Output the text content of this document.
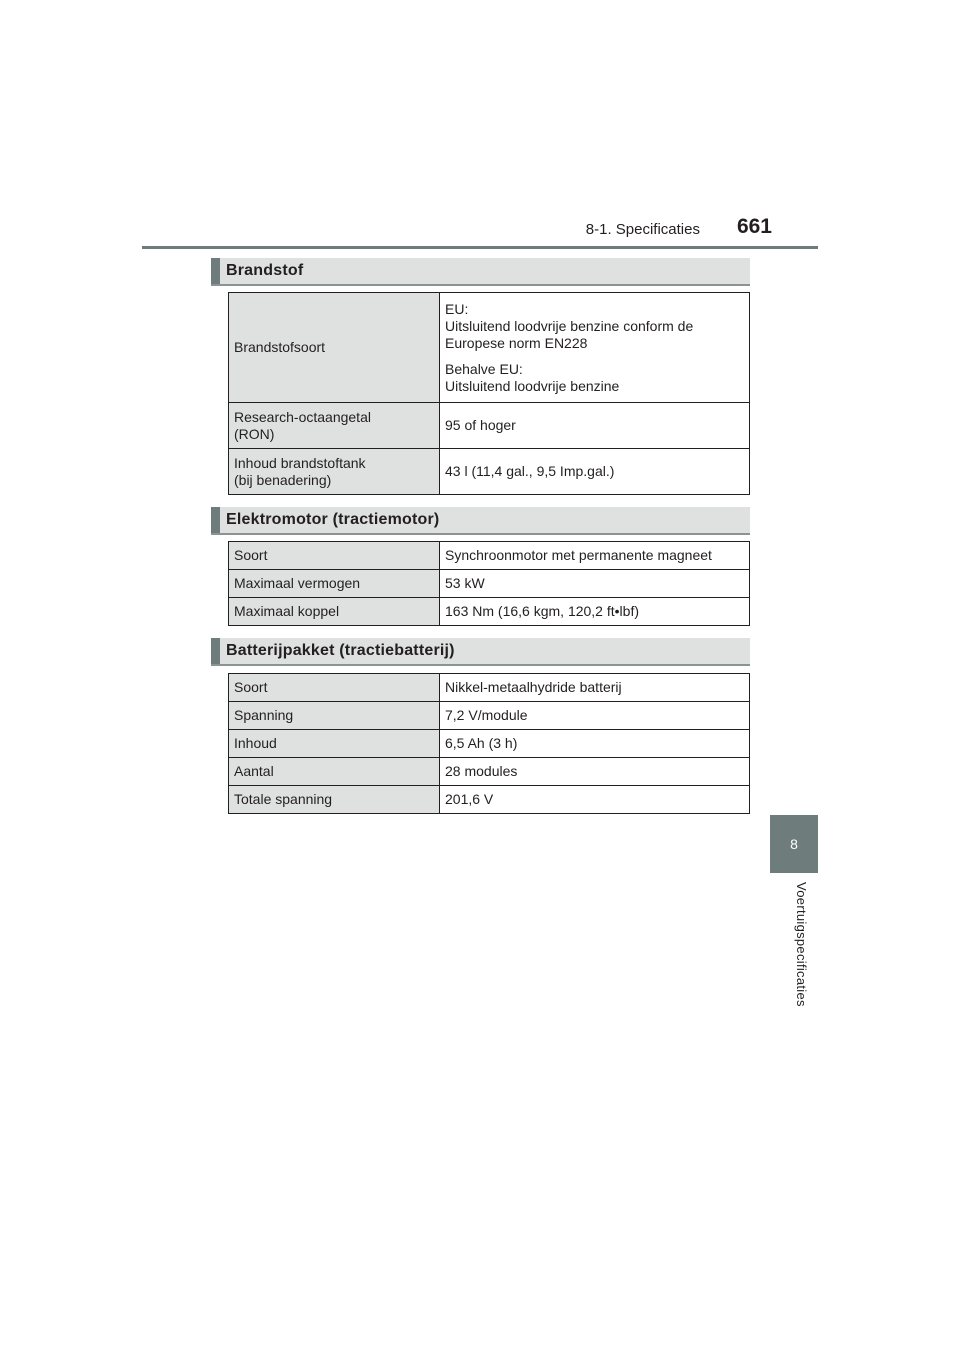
8-1. Specificaties 661
8
Voertuigspecificaties
Brandstof
Brandstofsoort	EU:
Uitsluitend loodvrije benzine conform de
Europese norm EN228

Behalve EU:
Uitsluitend loodvrije benzine

Research-octaangetal
(RON)	95 of hoger
Inhoud brandstoftank
(bij benadering)	43 l (11,4 gal., 9,5 Imp.gal.)
Elektromotor (tractiemotor)
Soort	Synchroonmotor met permanente magneet
Maximaal vermogen	53 kW
Maximaal koppel	163 Nm (16,6 kgm, 120,2 ft•lbf)
Batterijpakket (tractiebatterij)
Soort	Nikkel-metaalhydride batterij
Spanning	7,2 V/module
Inhoud	6,5 Ah (3 h)
Aantal	28 modules
Totale spanning	201,6 V
